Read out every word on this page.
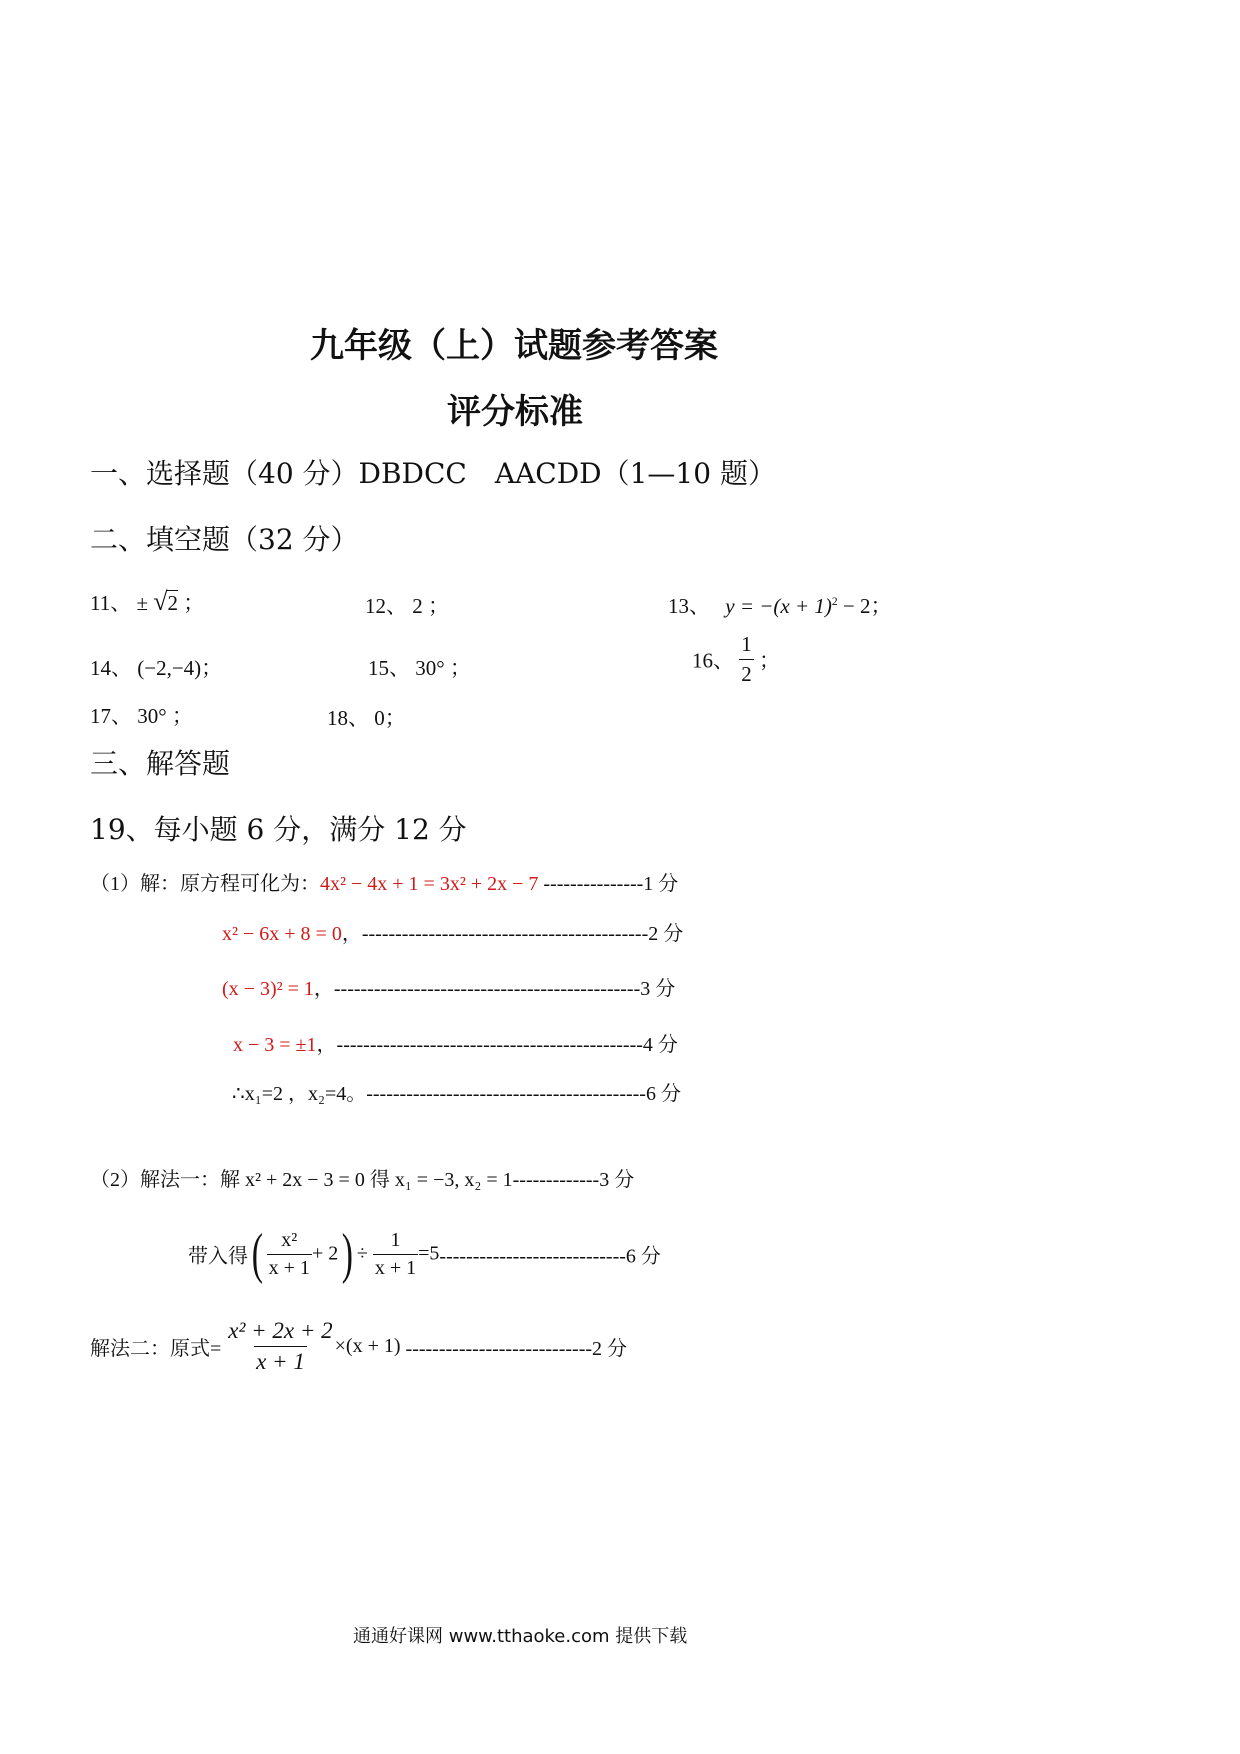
九年级（上）试题参考答案
评分标准
一、选择题（40 分）DBDCC　AACDD（1—10 题）
二、填空题（32 分）
11、 ± √2 ；	12、 2 ；	13、 $y = -(x + 1)^2 - 2$；
14、 (−2,−4)；	15、 30° ；	16、 $\frac{1}{2}$ ；
17、 30° ；	18、 0；
三、解答题
19、每小题 6 分，满分 12 分
（1）解：原方程可化为：4x² − 4x + 1 = 3x² + 2x − 7 ---------------1 分
x² − 6x + 8 = 0，-------------------------------------------2 分
(x − 3)² = 1，----------------------------------------------3 分
x − 3 = ±1，----------------------------------------------4 分
∴x₁=2 ，x₂=4。------------------------------------------6 分
（2）解法一：解 x² + 2x − 3 = 0 得 x₁ = −3, x₂ = 1-------------3 分
带入得( $\frac{\text{x²}}{x + 1} + 2) \div \frac{1}{x + 1} =5----------------------------6$ 分
解法二：原式= $\frac{\text{x² + 2x + 2}}{x + 1} \times(x + 1)$ ----------------------------2 分
通通好课网 www.tthaoke.com 提供下载
